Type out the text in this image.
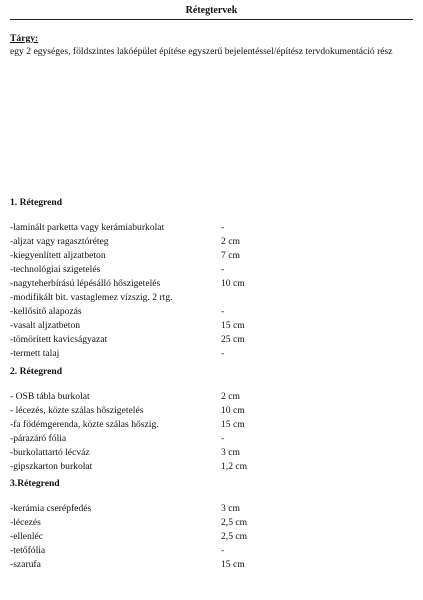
Rétegtervek
Tárgy:
egy 2 egységes, földszintes lakóépület építése egyszerű bejelentéssel/építész tervdokumentáció rész
1. Rétegrend
-laminált parketta vagy kerámiaburkolat	-
-aljzat vagy ragasztóréteg	2 cm
-kiegyenlített aljzatbeton	7 cm
-technológiai szigetelés	-
-nagyteherbírású lépésálló hőszigetelés	10 cm
-modifikált bit. vastaglemez vízszig. 2 rtg.
-kellősítő alapozás	-
-vasalt aljzatbeton	15 cm
-tömörített kavicságyazat	25 cm
-termett talaj	-
2. Rétegrend
- OSB tábla burkolat	2 cm
- lécezés, közte szálas hőszigetelés	10 cm
-fa födémgerenda, közte szálas hőszig.	15 cm
-párazáró fólia	-
-burkolattartó lécváz	3 cm
-gipszkarton burkolat	1,2 cm
3.Rétegrend
-kerámia cserépfedés	3 cm
-lécezés	2,5 cm
-ellenléc	2,5 cm
-tetőfólia	-
-szarufa	15 cm
